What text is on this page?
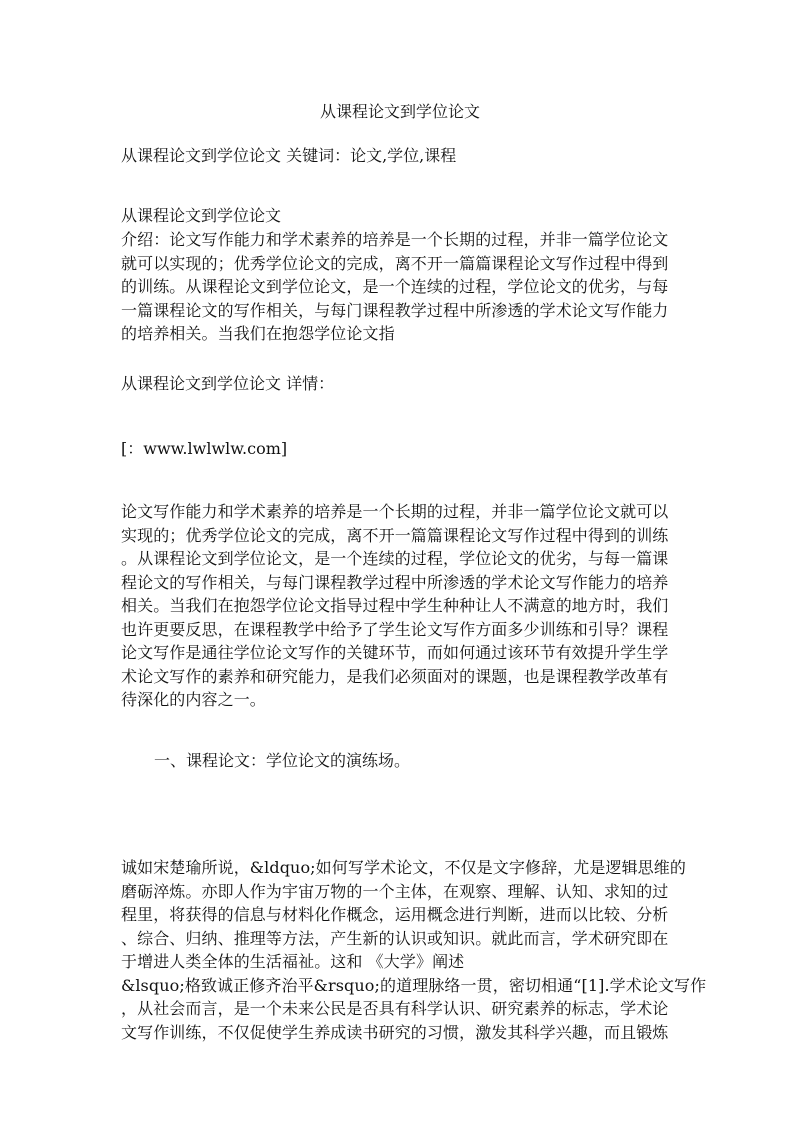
从课程论文到学位论文
从课程论文到学位论文 关键词：论文,学位,课程
从课程论文到学位论文
介绍：论文写作能力和学术素养的培养是一个长期的过程，并非一篇学位论文
就可以实现的；优秀学位论文的完成，离不开一篇篇课程论文写作过程中得到
的训练。从课程论文到学位论文，是一个连续的过程，学位论文的优劣，与每
一篇课程论文的写作相关，与每门课程教学过程中所渗透的学术论文写作能力
的培养相关。当我们在抱怨学位论文指
从课程论文到学位论文 详情：
[：www.lwlwlw.com]
论文写作能力和学术素养的培养是一个长期的过程，并非一篇学位论文就可以
实现的；优秀学位论文的完成，离不开一篇篇课程论文写作过程中得到的训练
。从课程论文到学位论文，是一个连续的过程，学位论文的优劣，与每一篇课
程论文的写作相关，与每门课程教学过程中所渗透的学术论文写作能力的培养
相关。当我们在抱怨学位论文指导过程中学生种种让人不满意的地方时，我们
也许更要反思，在课程教学中给予了学生论文写作方面多少训练和引导？课程
论文写作是通往学位论文写作的关键环节，而如何通过该环节有效提升学生学
术论文写作的素养和研究能力，是我们必须面对的课题，也是课程教学改革有
待深化的内容之一。
一、课程论文：学位论文的演练场。
诚如宋楚瑜所说，&ldquo;如何写学术论文，不仅是文字修辞，尤是逻辑思维的
磨砺淬炼。亦即人作为宇宙万物的一个主体，在观察、理解、认知、求知的过
程里，将获得的信息与材料化作概念，运用概念进行判断，进而以比较、分析
、综合、归纳、推理等方法，产生新的认识或知识。就此而言，学术研究即在
于增进人类全体的生活福祉。这和 《大学》阐述
&lsquo;格致诚正修齐治平&rsquo;的道理脉络一贯，密切相通“[1].学术论文写作
，从社会而言，是一个未来公民是否具有科学认识、研究素养的标志，学术论
文写作训练，不仅促使学生养成读书研究的习惯，激发其科学兴趣，而且锻炼
